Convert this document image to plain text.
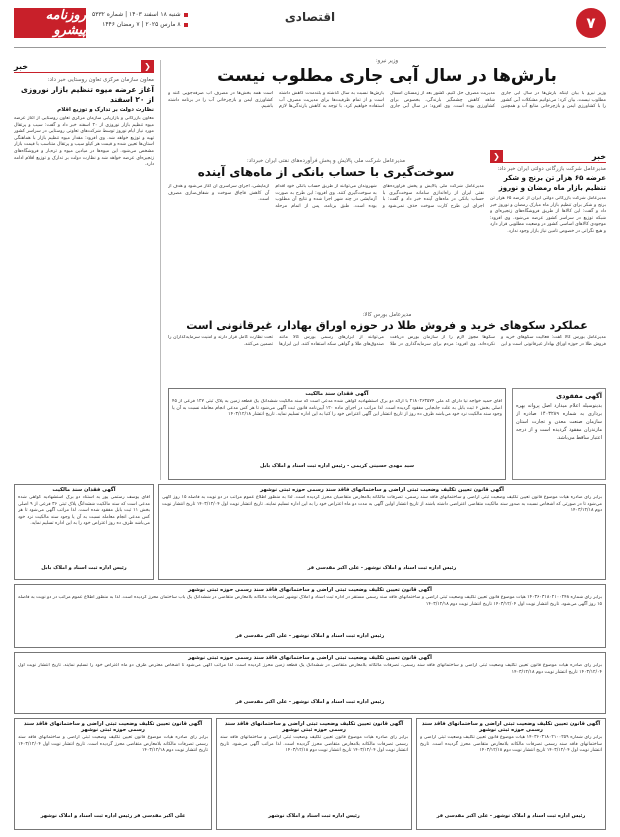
۷
اقتصادی
روزنامه پیشرو
شنبه ۱۸ اسفند ۱۴۰۳ | شماره ۵۳۳۲
۸ مارس ۲۰۲۵ | ۷ رمضان ۱۴۴۶
❮
خبر
معاون سازمان مرکزی تعاون روستایی خبر داد:
آغاز عرضه میوه تنظیم بازار نوروزی از ۲۰ اسفند
نظارت دولت بر تدارک و توزیع اقلام
معاون بازرگانی و بازاریابی سازمان مرکزی تعاون روستایی از آغاز عرضه میوه تنظیم بازار نوروزی از ۲۰ اسفند خبر داد و گفت: سیب و پرتقال مورد نیاز ایام نوروز توسط شرکت‌های تعاونی روستایی در سراسر کشور تهیه و توزیع خواهد شد. وی افزود: مقدار میوه تنظیم بازار با هماهنگی استان‌ها تعیین شده و قیمت هر کیلو سیب و پرتقال متناسب با قیمت بازار مشخص می‌شود. این میوه‌ها در میادین میوه و تره‌بار و فروشگاه‌های زنجیره‌ای عرضه خواهد شد و نظارت دولت بر تدارک و توزیع اقلام ادامه دارد.
وزیر نیرو:
بارش‌ها در سال آبی جاری مطلوب نیست
وزیر نیرو با بیان اینکه بارش‌ها در سال آبی جاری مطلوب نیست، بیان کرد: می‌توانیم مشکلات آبی کشور را با کشاورزی ایمن و بازچرخانی منابع آب و همچنین مدیریت مصرف حل کنیم. کشور بعد از زمستان امسال شاهد کاهش چشمگیر بارندگی، بخصوص برای کشاورزی بوده است. وی افزود: در سال آبی جاری بارش‌ها نسبت به سال گذشته و بلندمدت کاهش داشته است و از تمام ظرفیت‌ها برای مدیریت مصرف آب استفاده خواهیم کرد. با توجه به کاهش بارندگی‌ها لازم است همه بخش‌ها در مصرف آب صرفه‌جویی کنند و کشاورزی ایمن و بازچرخانی آب را در برنامه داشته باشیم.
خبر
❮
مدیرعامل شرکت بازرگانی دولتی ایران خبر داد:
عرضه ۶۵ هزار تن برنج و شکر تنظیم بازار ماه رمضان و نوروز
مدیرعامل شرکت بازرگانی دولتی ایران از عرضه ۶۵ هزار تن برنج و شکر برای تنظیم بازار ماه مبارک رمضان و نوروز خبر داد و گفت: این کالاها از طریق فروشگاه‌های زنجیره‌ای و شبکه توزیع در سراسر کشور عرضه می‌شود. وی افزود: موجودی کالاهای اساسی کشور در وضعیت مطلوبی قرار دارد و هیچ نگرانی در خصوص تامین نیاز بازار وجود ندارد.
مدیرعامل شرکت ملی پالایش و پخش فرآورده‌های نفتی ایران خبرداد:
سوخت‌گیری با حساب بانکی از ماه‌های آینده
مدیرعامل شرکت ملی پالایش و پخش فرآورده‌های نفتی ایران از راه‌اندازی سامانه سوخت‌گیری با حساب بانکی در ماه‌های آینده خبر داد و گفت: با اجرای این طرح کارت سوخت حذف نمی‌شود و شهروندان می‌توانند از طریق حساب بانکی خود اقدام به سوخت‌گیری کنند. وی افزود: این طرح به صورت آزمایشی در چند شهر اجرا شده و نتایج آن مطلوب بوده است. طبق برنامه، پس از اتمام مرحله آزمایشی، اجرای سراسری آن آغاز می‌شود و هدف از آن کاهش قاچاق سوخت و شفاف‌سازی مصرف است.
مدیرعامل بورس کالا:
عملکرد سکوهای خرید و فروش طلا در حوزه اوراق بهادار، غیرقانونی است
مدیرعامل بورس کالا گفت: فعالیت سکوهای خرید و فروش طلا در حوزه اوراق بهادار غیرقانونی است و این سکوها مجوز لازم را از سازمان بورس دریافت نکرده‌اند. وی افزود: مردم برای سرمایه‌گذاری در طلا می‌توانند از ابزارهای رسمی بورس کالا مانند صندوق‌های طلا و گواهی سکه استفاده کنند. این ابزارها تحت نظارت کامل قرار دارند و امنیت سرمایه‌گذاران را تضمین می‌کنند.
آگهی مفقودی
بدینوسیله اعلام میدارد اصل پروانه بهره برداری به شماره ۱۴۰۳۲۸۹ صادره از سازمان صنعت معدن و تجارت استان مازندران مفقود گردیده است و از درجه اعتبار ساقط می‌باشد.
آگهی فقدان سند مالکیت
آقای حمید خواجه نیا دارای کد ملی ۲۱۸۰۲۶۳۵۷۴ با ارائه دو برگ استشهادیه گواهی شده مدعی است که سند مالکیت ششدانگ یک قطعه زمین به پلاک ثبتی ۱۲۷ فرعی از ۴۵ اصلی بخش ۶ ثبت بابل به علت جابجایی مفقود گردیده است. لذا مراتب در اجرای ماده ۱۲۰ آیین‌نامه قانون ثبت آگهی می‌شود تا هر کس مدعی انجام معامله نسبت به آن یا وجود سند مالکیت نزد خود می‌باشد ظرف ده روز از تاریخ انتشار این آگهی اعتراض خود را کتبا به این اداره تسلیم نماید. تاریخ انتشار ۱۴۰۳/۱۲/۱۸
سید مهدی حسینی کریمی - رئیس اداره ثبت اسناد و املاک بابل
آگهی فقدان سند مالکیت
آقای یوسف رستمی پور به استناد دو برگ استشهادیه گواهی شده مدعی است که سند مالکیت ششدانگ پلاک ثبتی ۳۶ فرعی از ۹ اصلی بخش ۱۱ ثبت بابل مفقود شده است. لذا مراتب آگهی می‌شود تا هر کس مدعی انجام معامله نسبت به آن یا وجود سند مالکیت نزد خود می‌باشد ظرف ده روز اعتراض خود را به این اداره تسلیم نماید.
رئیس اداره ثبت اسناد و املاک بابل
آگهی قانون تعیین تکلیف وضعیت ثبتی اراضی و ساختمانهای فاقد سند رسمی حوزه ثبتی نوشهر
برابر رای صادره هیات موضوع قانون تعیین تکلیف وضعیت ثبتی اراضی و ساختمانهای فاقد سند رسمی، تصرفات مالکانه بلامعارض متقاضیان محرز گردیده است. لذا به منظور اطلاع عموم مراتب در دو نوبت به فاصله ۱۵ روز آگهی می‌شود تا در صورتی که اشخاص نسبت به صدور سند مالکیت متقاضی اعتراضی داشته باشند از تاریخ انتشار اولین آگهی به مدت دو ماه اعتراض خود را به این اداره تسلیم نمایند. تاریخ انتشار نوبت اول ۱۴۰۳/۱۲/۰۴ تاریخ انتشار نوبت دوم ۱۴۰۳/۱۲/۱۸
رئیس اداره ثبت اسناد و املاک نوشهر - علی اکبر مقدسی فر
آگهی قانون تعیین تکلیف وضعیت ثبتی اراضی و ساختمانهای فاقد سند رسمی حوزه ثبتی نوشهر
برابر رای شماره ۱۴۰۳۶۰۳۱۸۰۲۱۰۰۲۴۸ هیات موضوع قانون تعیین تکلیف وضعیت ثبتی اراضی و ساختمانهای فاقد سند رسمی مستقر در اداره ثبت اسناد و املاک نوشهر تصرفات مالکانه بلامعارض متقاضی در ششدانگ یک باب ساختمان محرز گردیده است. لذا به منظور اطلاع عموم مراتب در دو نوبت به فاصله ۱۵ روز آگهی می‌شود. تاریخ انتشار نوبت اول ۱۴۰۳/۱۲/۰۴ تاریخ انتشار نوبت دوم ۱۴۰۳/۱۲/۱۸
رئیس اداره ثبت اسناد و املاک نوشهر - علی اکبر مقدسی فر
آگهی قانون تعیین تکلیف وضعیت ثبتی اراضی و ساختمانهای فاقد سند رسمی حوزه ثبتی نوشهر
برابر رای صادره هیات موضوع قانون تعیین تکلیف وضعیت ثبتی اراضی و ساختمانهای فاقد سند رسمی، تصرفات مالکانه بلامعارض متقاضی در ششدانگ یک قطعه زمین محرز گردیده است. لذا مراتب آگهی می‌شود تا اشخاص معترض ظرف دو ماه اعتراض خود را تسلیم نمایند. تاریخ انتشار نوبت اول ۱۴۰۳/۱۲/۰۴ تاریخ انتشار نوبت دوم ۱۴۰۳/۱۲/۱۸
رئیس اداره ثبت اسناد و املاک نوشهر - علی اکبر مقدسی فر
آگهی قانون تعیین تکلیف وضعیت ثبتی اراضی و ساختمانهای فاقد سند رسمی حوزه ثبتی نوشهر
برابر رای شماره ۱۴۰۳۶۰۳۱۸۰۲۱۰۰۲۵۹ هیات موضوع قانون تعیین تکلیف وضعیت ثبتی اراضی و ساختمانهای فاقد سند رسمی تصرفات مالکانه بلامعارض متقاضی محرز گردیده است. تاریخ انتشار نوبت اول ۱۴۰۳/۱۲/۰۴ تاریخ انتشار نوبت دوم ۱۴۰۳/۱۲/۱۸
رئیس اداره ثبت اسناد و املاک نوشهر - علی اکبر مقدسی فر
آگهی قانون تعیین تکلیف وضعیت ثبتی اراضی و ساختمانهای فاقد سند رسمی حوزه ثبتی نوشهر
برابر رای صادره هیات موضوع قانون تعیین تکلیف وضعیت ثبتی اراضی و ساختمانهای فاقد سند رسمی تصرفات مالکانه بلامعارض متقاضی محرز گردیده است. لذا مراتب آگهی می‌شود. تاریخ انتشار نوبت اول ۱۴۰۳/۱۲/۰۴ تاریخ انتشار نوبت دوم ۱۴۰۳/۱۲/۱۸
رئیس اداره ثبت اسناد و املاک نوشهر
آگهی قانون تعیین تکلیف وضعیت ثبتی اراضی و ساختمانهای فاقد سند رسمی حوزه ثبتی نوشهر
برابر رای صادره هیات موضوع قانون تعیین تکلیف وضعیت ثبتی اراضی و ساختمانهای فاقد سند رسمی تصرفات مالکانه بلامعارض متقاضی محرز گردیده است. تاریخ انتشار نوبت اول ۱۴۰۳/۱۲/۰۴ تاریخ انتشار نوبت دوم ۱۴۰۳/۱۲/۱۸
علی اکبر مقدسی فر رئیس اداره ثبت اسناد و املاک نوشهر
